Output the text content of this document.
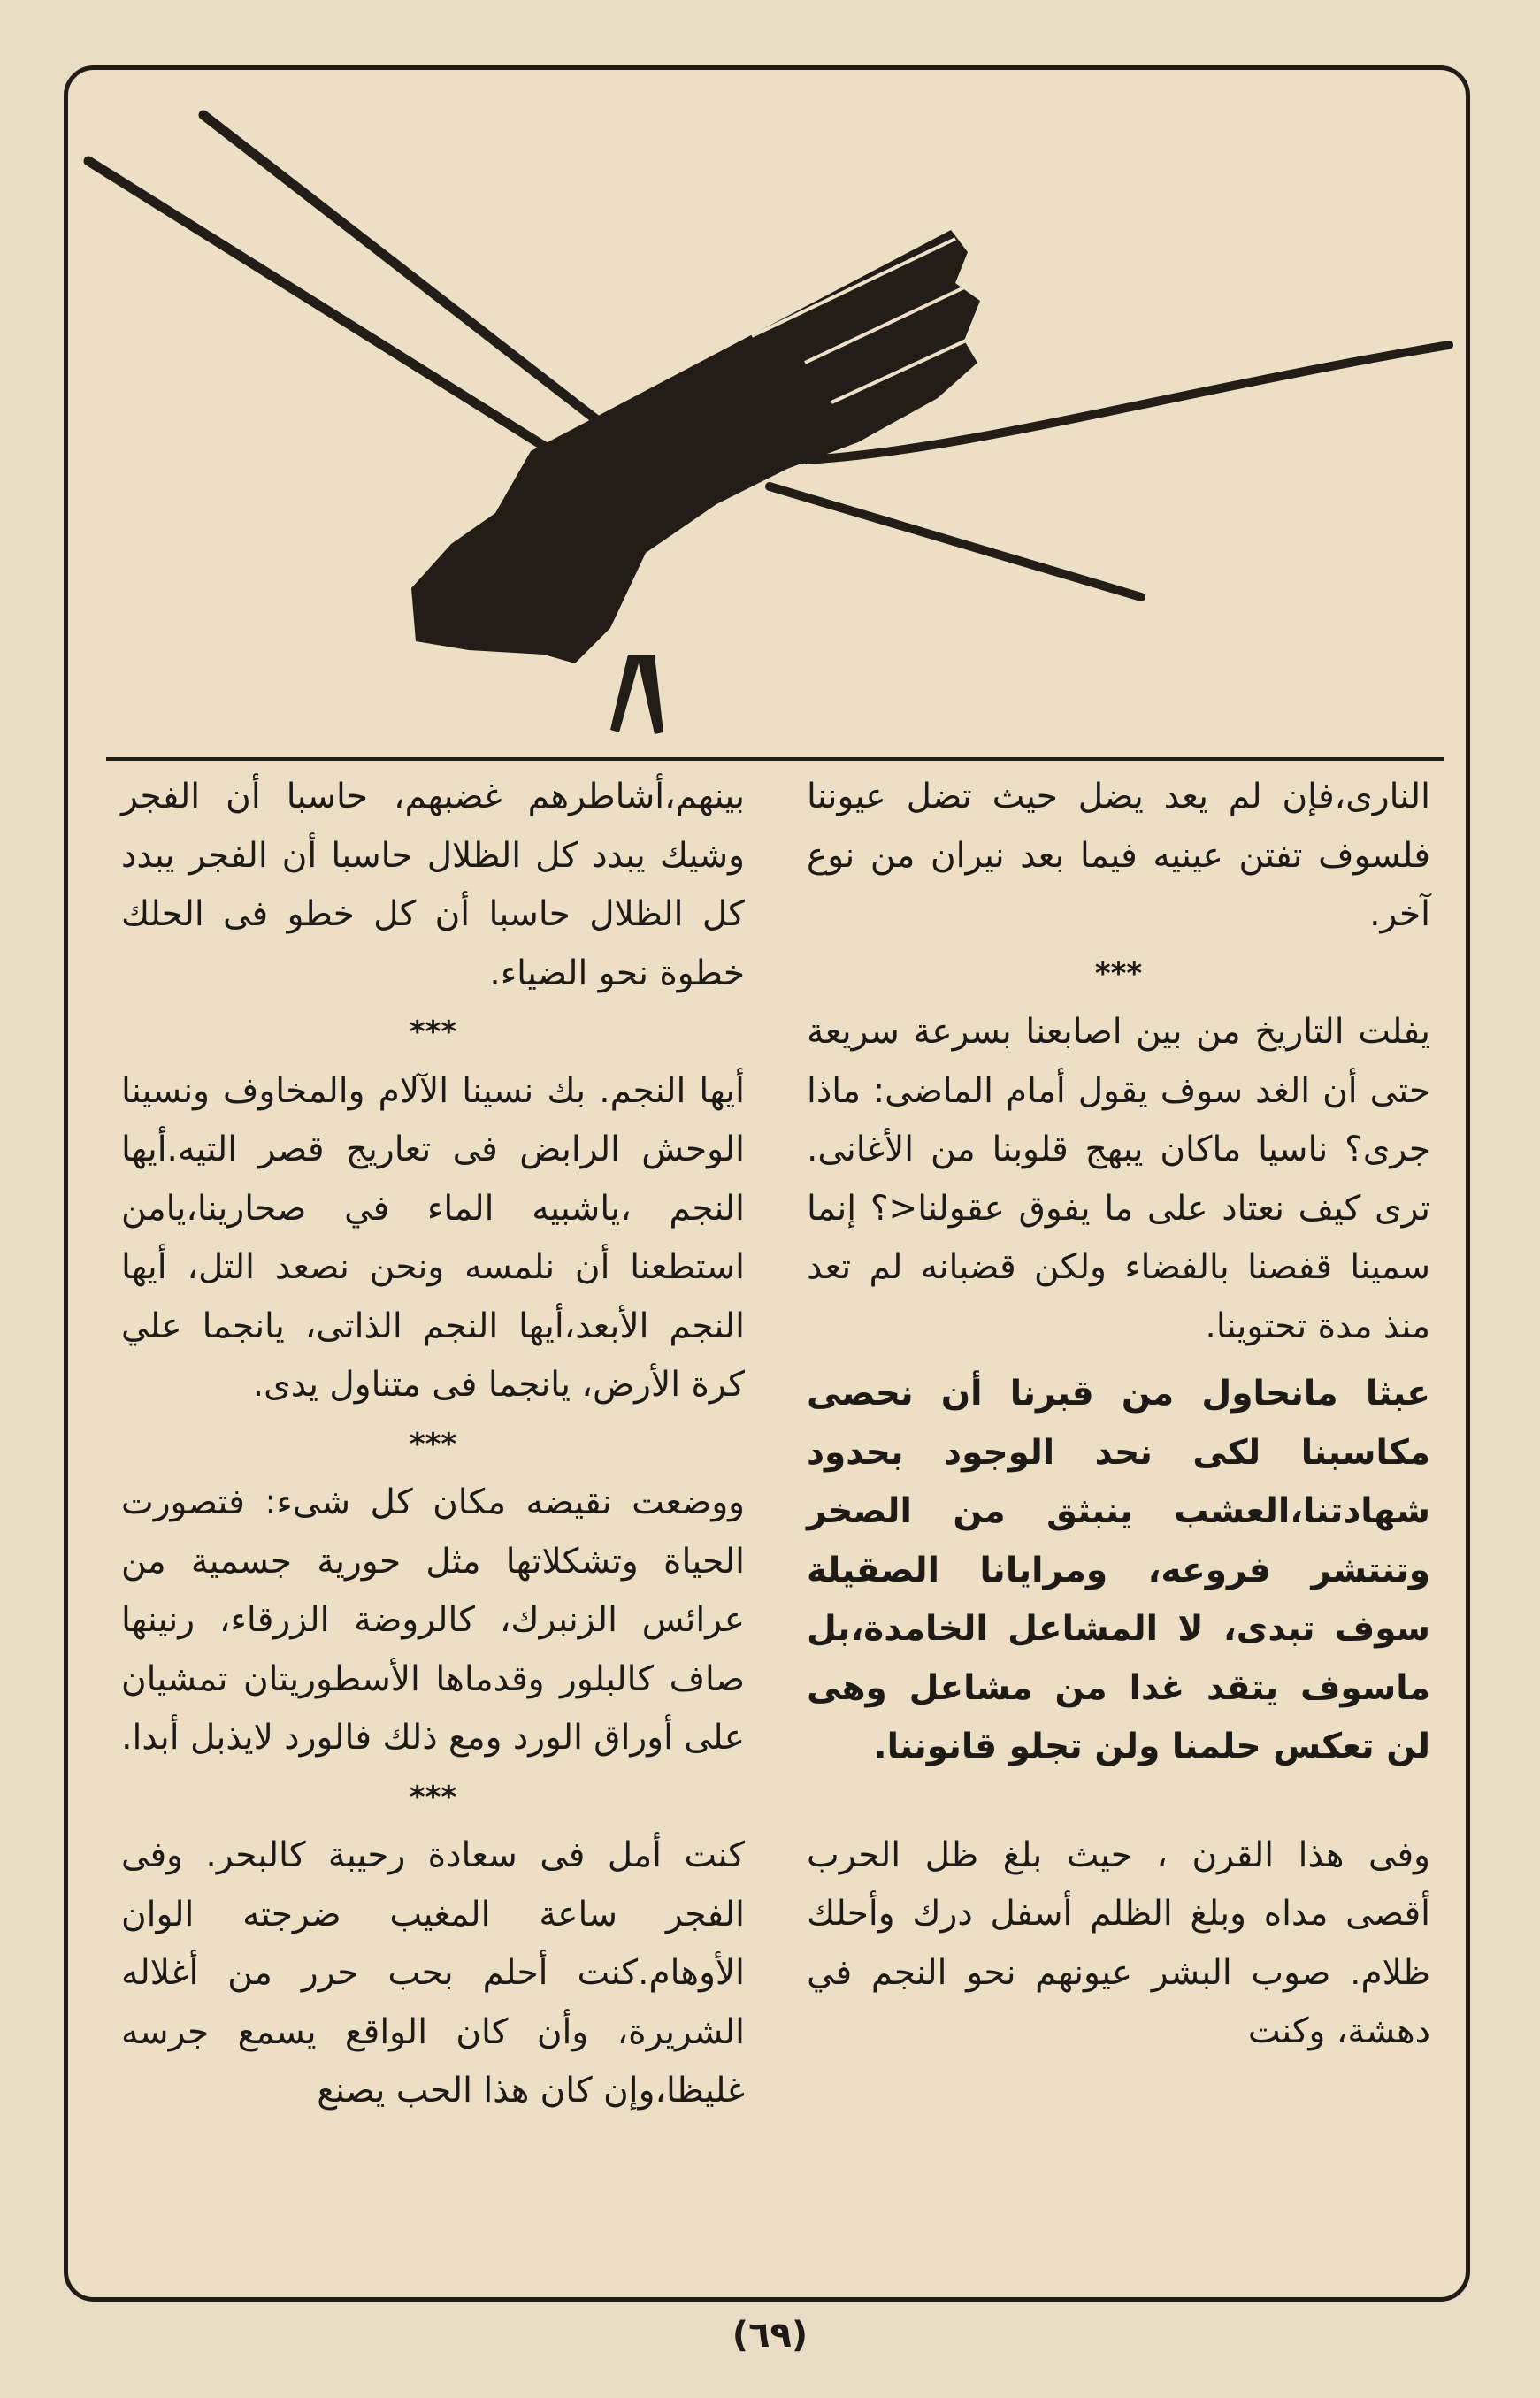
النارى،فإن لم يعد يضل حيث تضل عيوننا فلسوف تفتن عينيه فيما بعد نيران من نوع آخر.

***

يفلت التاريخ من بين اصابعنا بسرعة سريعة حتى أن الغد سوف يقول أمام الماضى: ماذا جرى؟ ناسيا ماكان يبهج قلوبنا من الأغانى. ترى كيف نعتاد على ما يفوق عقولنا<؟ إنما سمينا قفصنا بالفضاء ولكن قضبانه لم تعد منذ مدة تحتوينا.

عبثا مانحاول من قبرنا أن نحصى مكاسبنا لكى نحد الوجود بحدود شهادتنا،العشب ينبثق من الصخر وتنتشر فروعه، ومرايانا الصقيلة سوف تبدى، لا المشاعل الخامدة،بل ماسوف يتقد غدا من مشاعل وهى لن تعكس حلمنا ولن تجلو قانوننا.

وفى هذا القرن ، حيث بلغ ظل الحرب أقصى مداه وبلغ الظلم أسفل درك وأحلك ظلام. صوب البشر عيونهم نحو النجم في دهشة، وكنت

بينهم،أشاطرهم غضبهم، حاسبا أن الفجر وشيك يبدد كل الظلال حاسبا أن الفجر يبدد كل الظلال حاسبا أن كل خطو فى الحلك خطوة نحو الضياء.

***

أيها النجم. بك نسينا الآلام والمخاوف ونسينا الوحش الرابض فى تعاريج قصر التيه.أيها النجم ،ياشبيه الماء في صحارينا،يامن استطعنا أن نلمسه ونحن نصعد التل، أيها النجم الأبعد،أيها النجم الذاتى، يانجما علي كرة الأرض، يانجما فى متناول يدى.

***

ووضعت نقيضه مكان كل شىء: فتصورت الحياة وتشكلاتها مثل حورية جسمية من عرائس الزنبرك، كالروضة الزرقاء، رنينها صاف كالبلور وقدماها الأسطوريتان تمشيان على أوراق الورد ومع ذلك فالورد لايذبل أبدا.

***

كنت أمل فى سعادة رحيبة كالبحر. وفى الفجر ساعة المغيب ضرجته الوان الأوهام.كنت أحلم بحب حرر من أغلاله الشريرة، وأن كان الواقع يسمع جرسه غليظا،وإن كان هذا الحب يصنع

(٦٩)
